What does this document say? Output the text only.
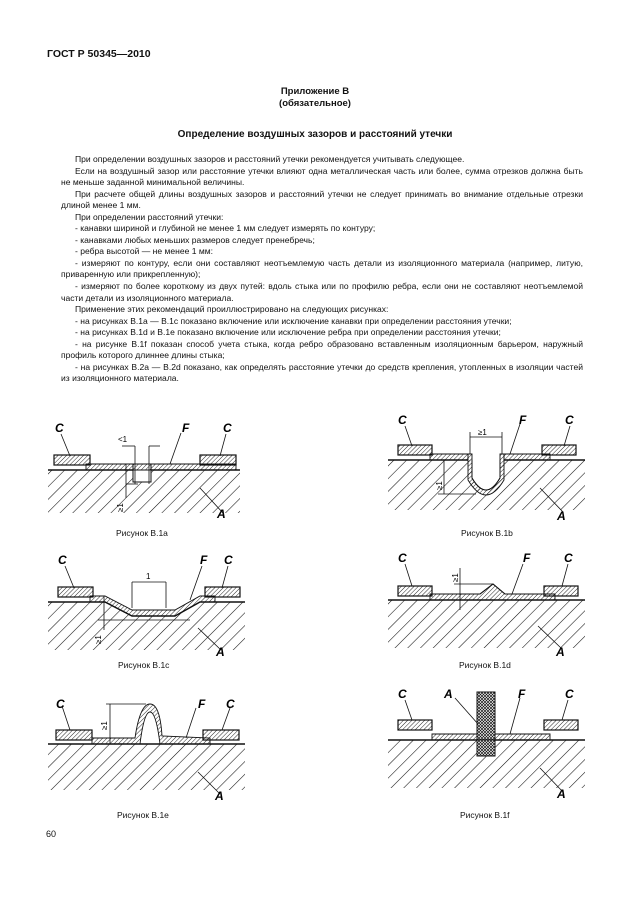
ГОСТ Р 50345—2010
Приложение В
(обязательное)
Определение воздушных зазоров и расстояний утечки

При определении воздушных зазоров и расстояний утечки рекомендуется учитывать следующее.

Если на воздушный зазор или расстояние утечки влияют одна металлическая часть или более, сумма отрезков должна быть не меньше заданной минимальной величины.

При расчете общей длины воздушных зазоров и расстояний утечки не следует принимать во внимание отдельные отрезки длиной менее 1 мм.

При определении расстояний утечки:

- канавки шириной и глубиной не менее 1 мм следует измерять по контуру;

- канавками любых меньших размеров следует пренебречь;

- ребра высотой — не менее 1 мм:

- измеряют по контуру, если они составляют неотъемлемую часть детали из изоляционного материала (например, литую, приваренную или прикрепленную);

- измеряют по более короткому из двух путей: вдоль стыка или по профилю ребра, если они не составляют неотъемлемой части детали из изоляционного материала.

Применение этих рекомендаций проиллюстрировано на следующих рисунках:

- на рисунках В.1а — В.1с показано включение или исключение канавки при определении расстояния утечки;

- на рисунках В.1d и В.1е показано включение или исключение ребра при определении расстояния утечки;

- на рисунке В.1f показан способ учета стыка, когда ребро образовано вставленным изоляционным барьером, наружный профиль которого длиннее длины стыка;

- на рисунках В.2а — В.2d показано, как определять расстояние утечки до средств крепления, утопленных в изоляции частей из изоляционного материала.

C	C
F
A
<1
≥1
Рисунок В.1а
C	C
F
A
≥1
≥1
Рисунок В.1b
C	C
F
A
1
≥1
Рисунок В.1с
C	C
F
A
≥1
Рисунок В.1d
C	C
F
A
≥1
Рисунок В.1е
C	C
A	F
A
Рисунок В.1f
60
